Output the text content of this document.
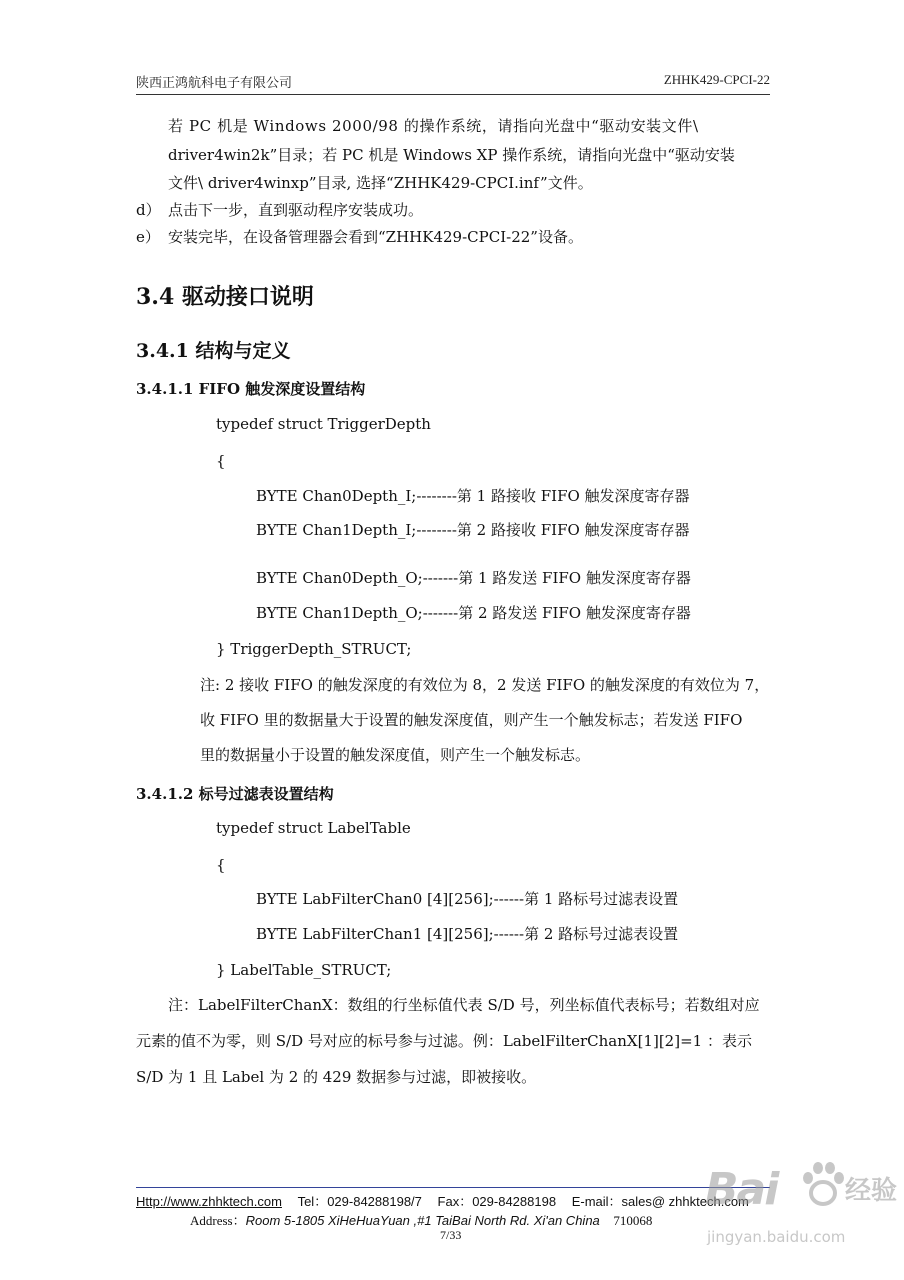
陕西正鸿航科电子有限公司	ZHHK429-CPCI-22
若 PC 机是 Windows 2000/98 的操作系统，请指向光盘中“驱动安装文件\
driver4win2k”目录；若 PC 机是 Windows XP 操作系统，请指向光盘中“驱动安装
文件\ driver4winxp”目录, 选择“ZHHK429-CPCI.inf”文件。
d） 点击下一步，直到驱动程序安装成功。
e） 安装完毕，在设备管理器会看到“ZHHK429-CPCI-22”设备。
3.4 驱动接口说明
3.4.1 结构与定义
3.4.1.1 FIFO 触发深度设置结构
typedef struct TriggerDepth
{
BYTE Chan0Depth_I;--------第 1 路接收 FIFO 触发深度寄存器
BYTE Chan1Depth_I;--------第 2 路接收 FIFO 触发深度寄存器
BYTE Chan0Depth_O;-------第 1 路发送 FIFO 触发深度寄存器
BYTE Chan1Depth_O;-------第 2 路发送 FIFO 触发深度寄存器
} TriggerDepth_STRUCT;
注: 2 接收 FIFO 的触发深度的有效位为 8，2 发送 FIFO 的触发深度的有效位为 7，
收 FIFO 里的数据量大于设置的触发深度值，则产生一个触发标志；若发送 FIFO
里的数据量小于设置的触发深度值，则产生一个触发标志。
3.4.1.2 标号过滤表设置结构
typedef struct LabelTable
{
BYTE LabFilterChan0 [4][256];------第 1 路标号过滤表设置
BYTE LabFilterChan1 [4][256];------第 2 路标号过滤表设置
} LabelTable_STRUCT;
注：LabelFilterChanX：数组的行坐标值代表 S/D 号，列坐标值代表标号；若数组对应
元素的值不为零，则 S/D 号对应的标号参与过滤。例：LabelFilterChanX[1][2]=1 ：表示
S/D 为 1 且 Label 为 2 的 429 数据参与过滤，即被接收。
Http://www.zhhktech.com Tel：029-84288198/7 Fax：029-84288198 E-mail：sales@ zhhktech.com
Address：Room 5-1805 XiHeHuaYuan ,#1 TaiBai North Rd. Xi'an China 710068
7/33
Bai	经验
jingyan.baidu.com
